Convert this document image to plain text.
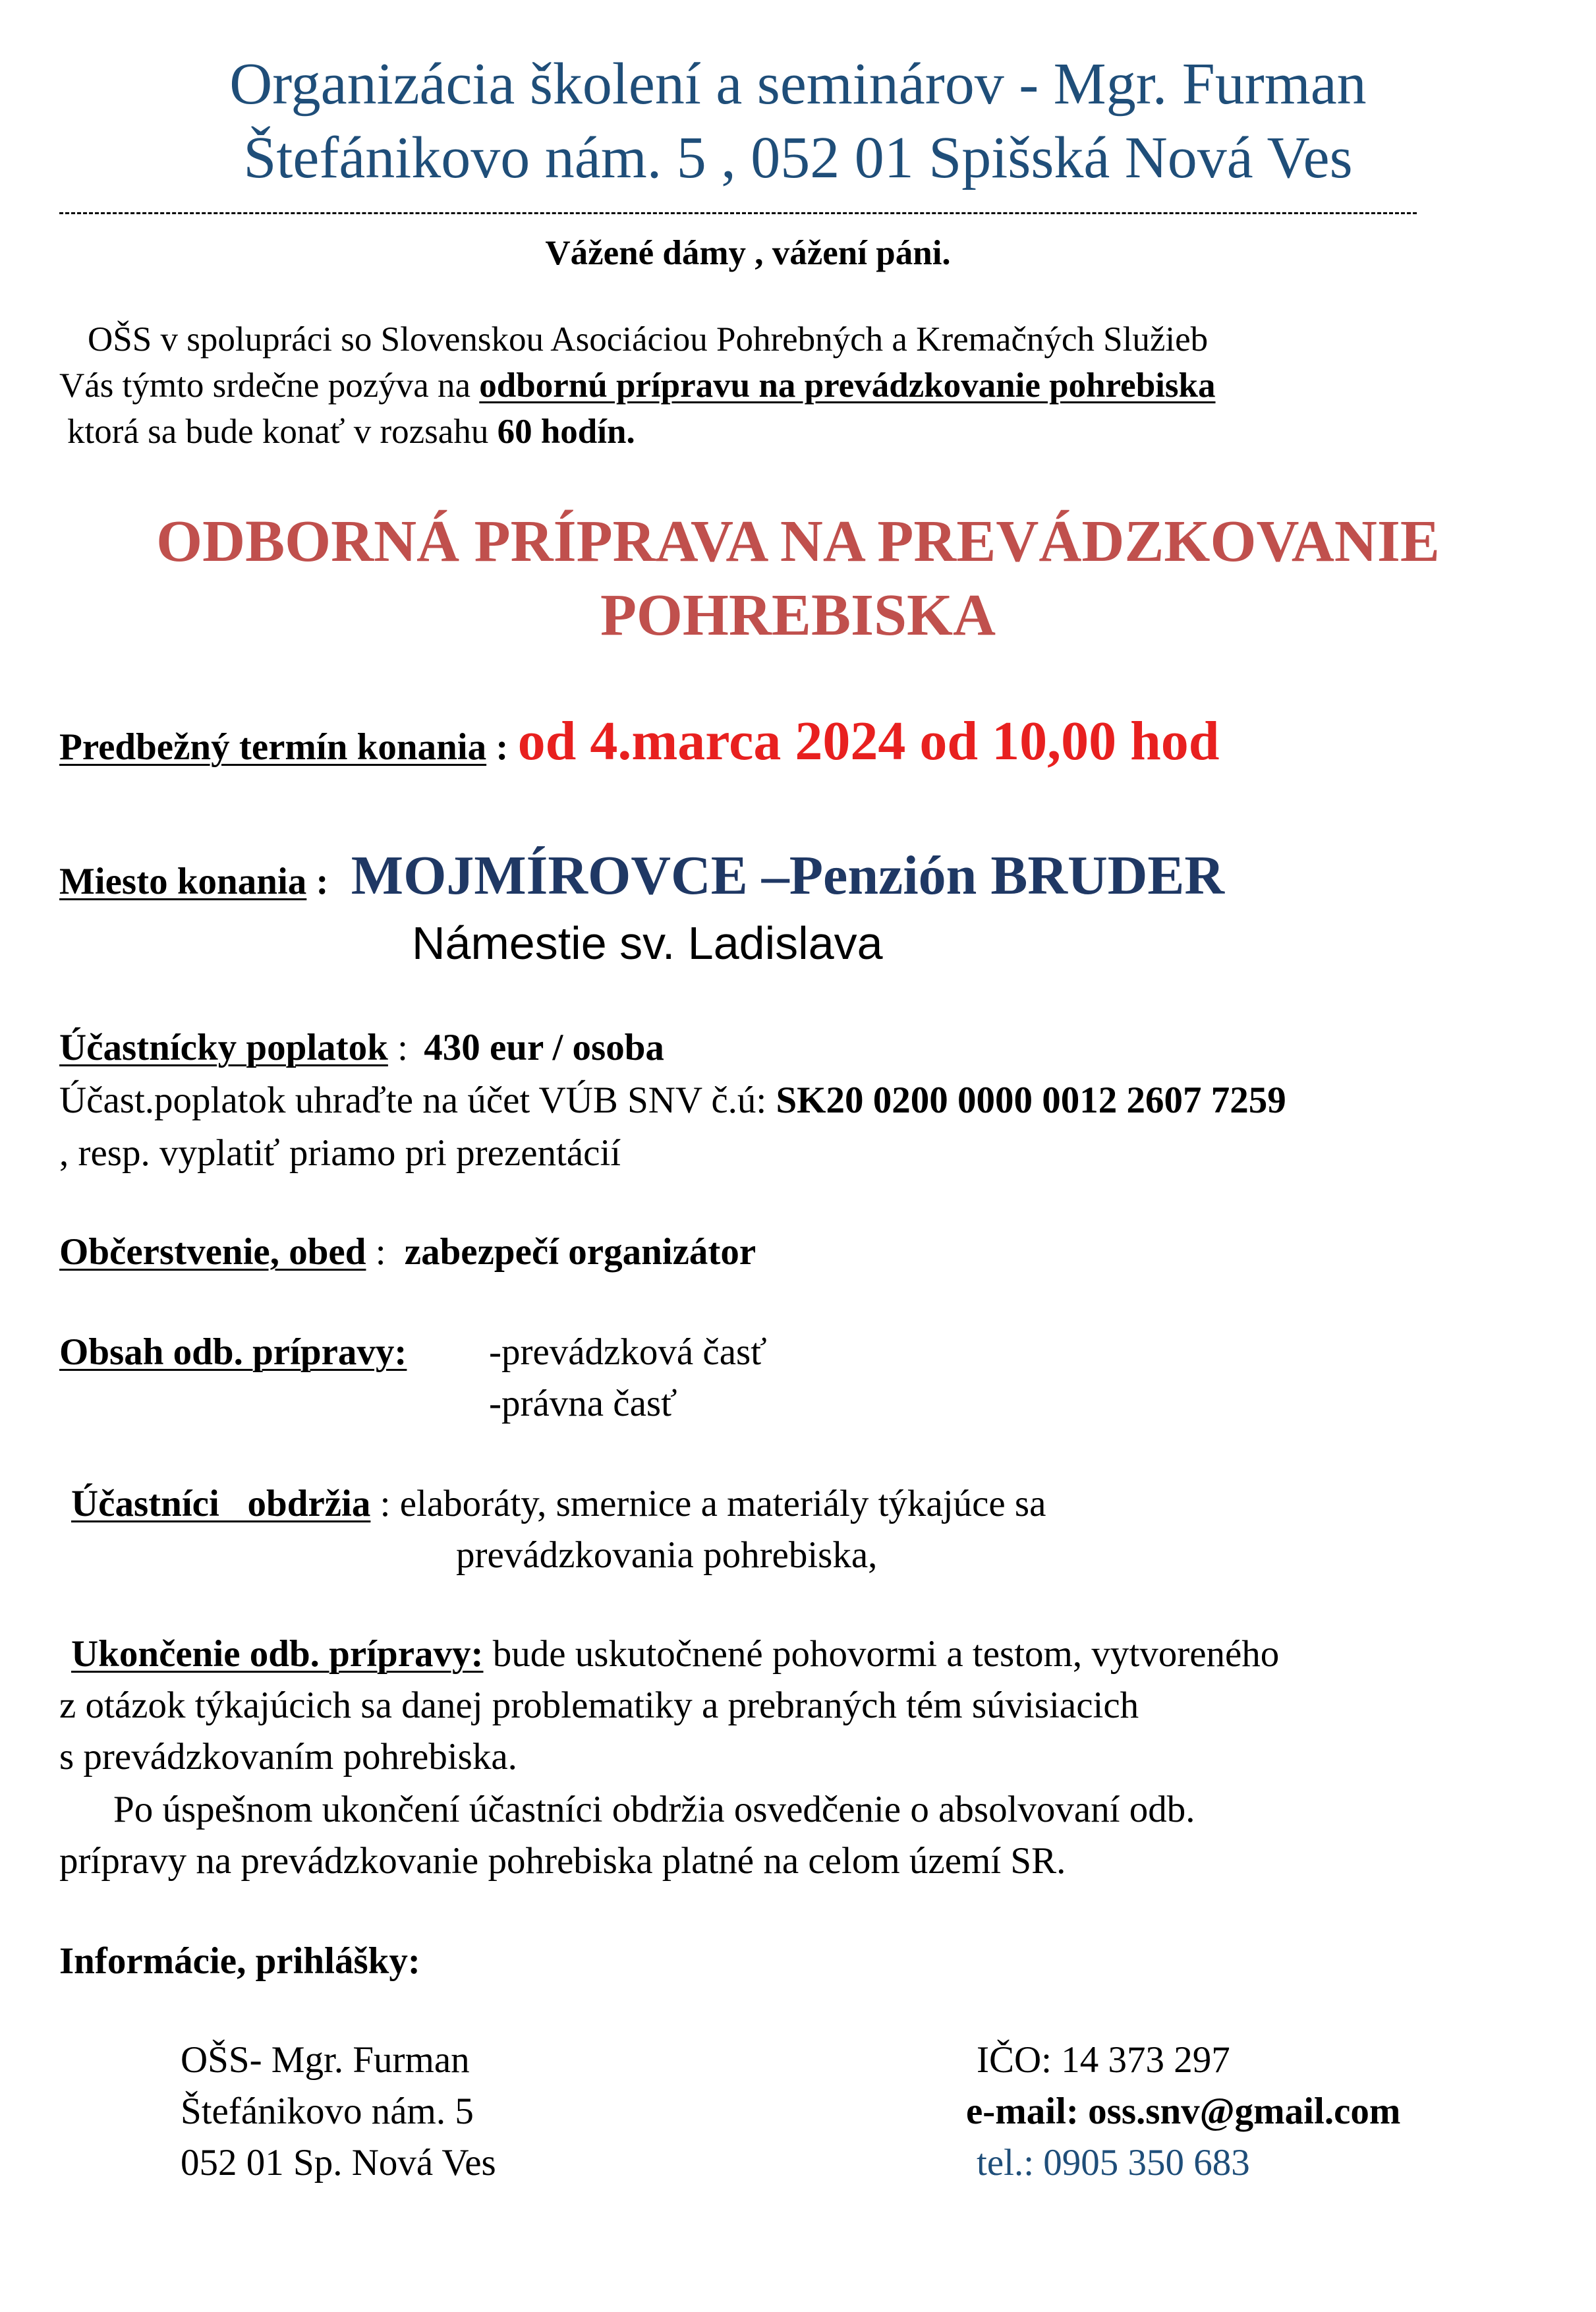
Organizácia školení a seminárov - Mgr. Furman
Štefánikovo nám. 5 , 052 01 Spišská Nová Ves
Vážené dámy , vážení páni.
OŠS v spolupráci so Slovenskou Asociáciou Pohrebných a Kremačných Služieb
Vás týmto srdečne pozýva na odbornú prípravu na prevádzkovanie pohrebiska
ktorá sa bude konať v rozsahu 60 hodín.
ODBORNÁ PRÍPRAVA NA PREVÁDZKOVANIE
POHREBISKA
Predbežný termín konania : od 4.marca 2024 od 10,00 hod
Miesto konania : MOJMÍROVCE –Penzión BRUDER
Námestie sv. Ladislava
Účastnícky poplatok : 430 eur / osoba
Účast.poplatok uhraďte na účet VÚB SNV č.ú: SK20 0200 0000 0012 2607 7259
, resp. vyplatiť priamo pri prezentácií
Občerstvenie, obed : zabezpečí organizátor
Obsah odb. prípravy: -prevádzková časť
-právna časť
Účastníci   obdržia : elaboráty, smernice a materiály týkajúce sa
prevádzkovania pohrebiska,
Ukončenie odb. prípravy: bude uskutočnené pohovormi a testom, vytvoreného
z otázok týkajúcich sa danej problematiky a prebraných tém súvisiacich
s prevádzkovaním pohrebiska.
Po úspešnom ukončení účastníci obdržia osvedčenie o absolvovaní odb.
prípravy na prevádzkovanie pohrebiska platné na celom území SR.
Informácie, prihlášky:
OŠS- Mgr. Furman
Štefánikovo nám. 5
052 01 Sp. Nová Ves
IČO: 14 373 297
e-mail: oss.snv@gmail.com
tel.: 0905 350 683
